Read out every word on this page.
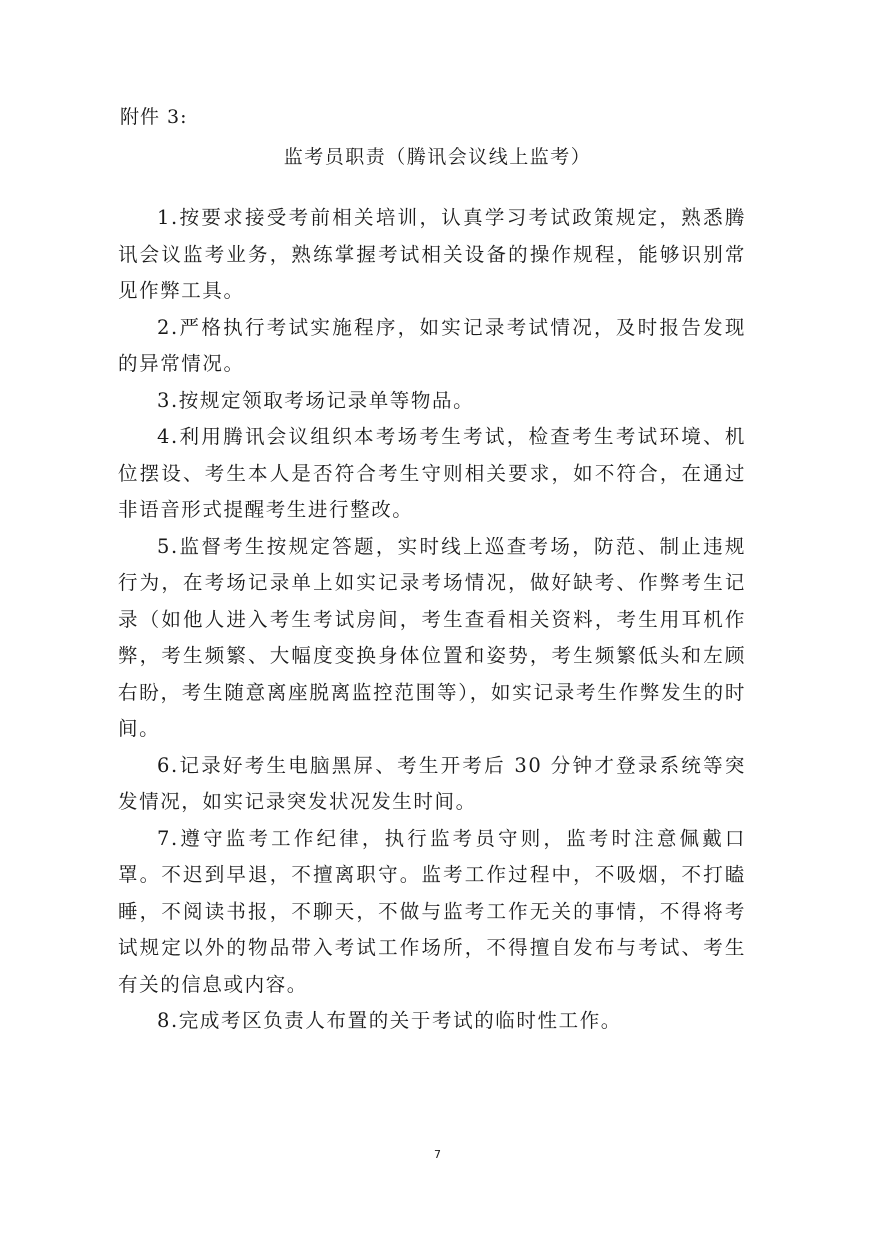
附件 3:
监考员职责（腾讯会议线上监考）

1.按要求接受考前相关培训，认真学习考试政策规定，熟悉腾讯会议监考业务，熟练掌握考试相关设备的操作规程，能够识别常见作弊工具。

2.严格执行考试实施程序，如实记录考试情况，及时报告发现的异常情况。

3.按规定领取考场记录单等物品。

4.利用腾讯会议组织本考场考生考试，检查考生考试环境、机位摆设、考生本人是否符合考生守则相关要求，如不符合，在通过非语音形式提醒考生进行整改。

5.监督考生按规定答题，实时线上巡查考场，防范、制止违规行为，在考场记录单上如实记录考场情况，做好缺考、作弊考生记录（如他人进入考生考试房间，考生查看相关资料，考生用耳机作弊，考生频繁、大幅度变换身体位置和姿势，考生频繁低头和左顾右盼，考生随意离座脱离监控范围等），如实记录考生作弊发生的时间。

6.记录好考生电脑黑屏、考生开考后 30 分钟才登录系统等突发情况，如实记录突发状况发生时间。

7.遵守监考工作纪律，执行监考员守则，监考时注意佩戴口罩。不迟到早退，不擅离职守。监考工作过程中，不吸烟，不打瞌睡，不阅读书报，不聊天，不做与监考工作无关的事情，不得将考试规定以外的物品带入考试工作场所，不得擅自发布与考试、考生有关的信息或内容。

8.完成考区负责人布置的关于考试的临时性工作。

7
